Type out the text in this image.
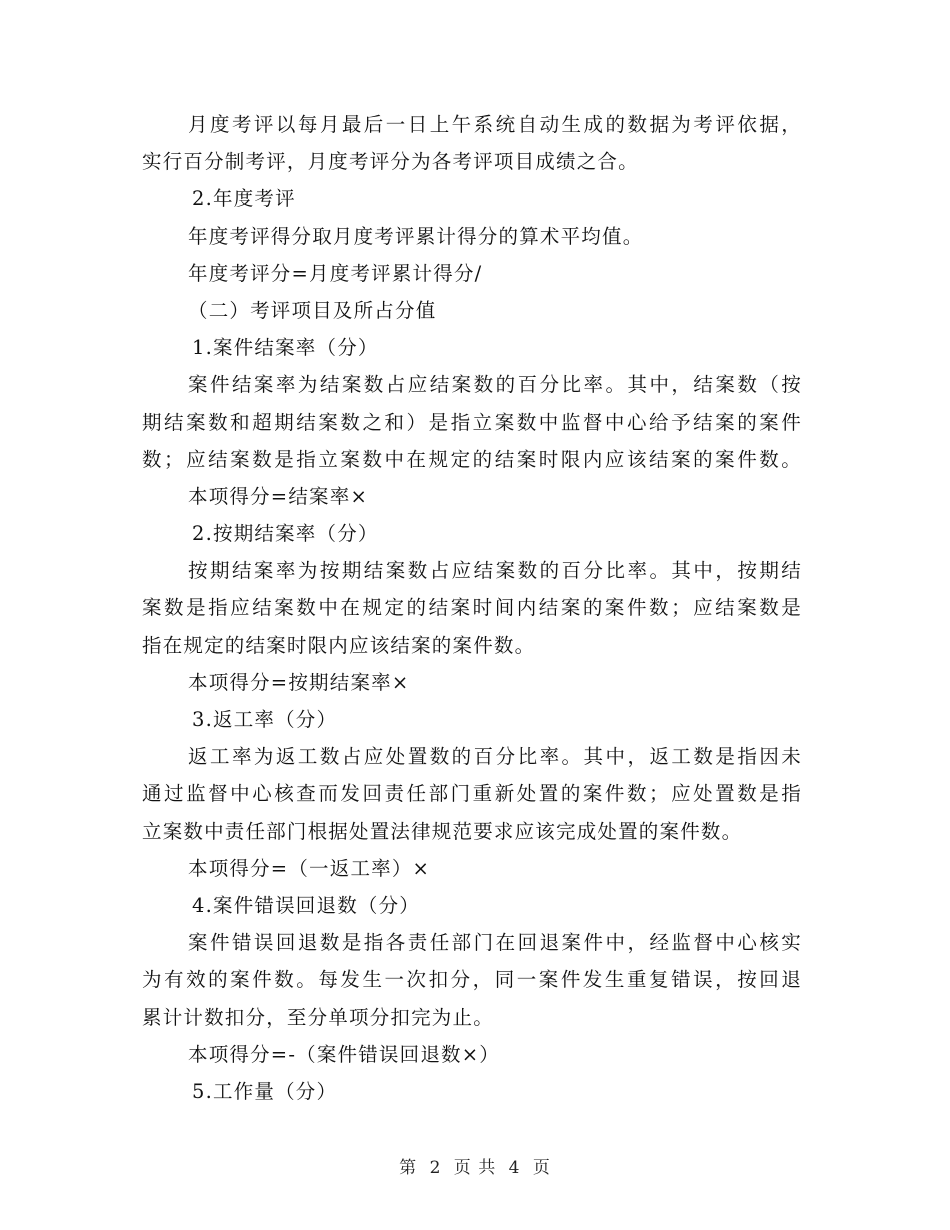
月度考评以每月最后一日上午系统自动生成的数据为考评依据，
实行百分制考评，月度考评分为各考评项目成绩之合。
2.年度考评
年度考评得分取月度考评累计得分的算术平均值。
年度考评分=月度考评累计得分/
（二）考评项目及所占分值
1.案件结案率（分）
案件结案率为结案数占应结案数的百分比率。其中，结案数（按
期结案数和超期结案数之和）是指立案数中监督中心给予结案的案件
数；应结案数是指立案数中在规定的结案时限内应该结案的案件数。
本项得分=结案率×
2.按期结案率（分）
按期结案率为按期结案数占应结案数的百分比率。其中，按期结
案数是指应结案数中在规定的结案时间内结案的案件数；应结案数是
指在规定的结案时限内应该结案的案件数。
本项得分=按期结案率×
3.返工率（分）
返工率为返工数占应处置数的百分比率。其中，返工数是指因未
通过监督中心核查而发回责任部门重新处置的案件数；应处置数是指
立案数中责任部门根据处置法律规范要求应该完成处置的案件数。
本项得分=（一返工率）×
4.案件错误回退数（分）
案件错误回退数是指各责任部门在回退案件中，经监督中心核实
为有效的案件数。每发生一次扣分，同一案件发生重复错误，按回退
累计计数扣分，至分单项分扣完为止。
本项得分=-（案件错误回退数×）
5.工作量（分）
第 2 页 共 4 页
